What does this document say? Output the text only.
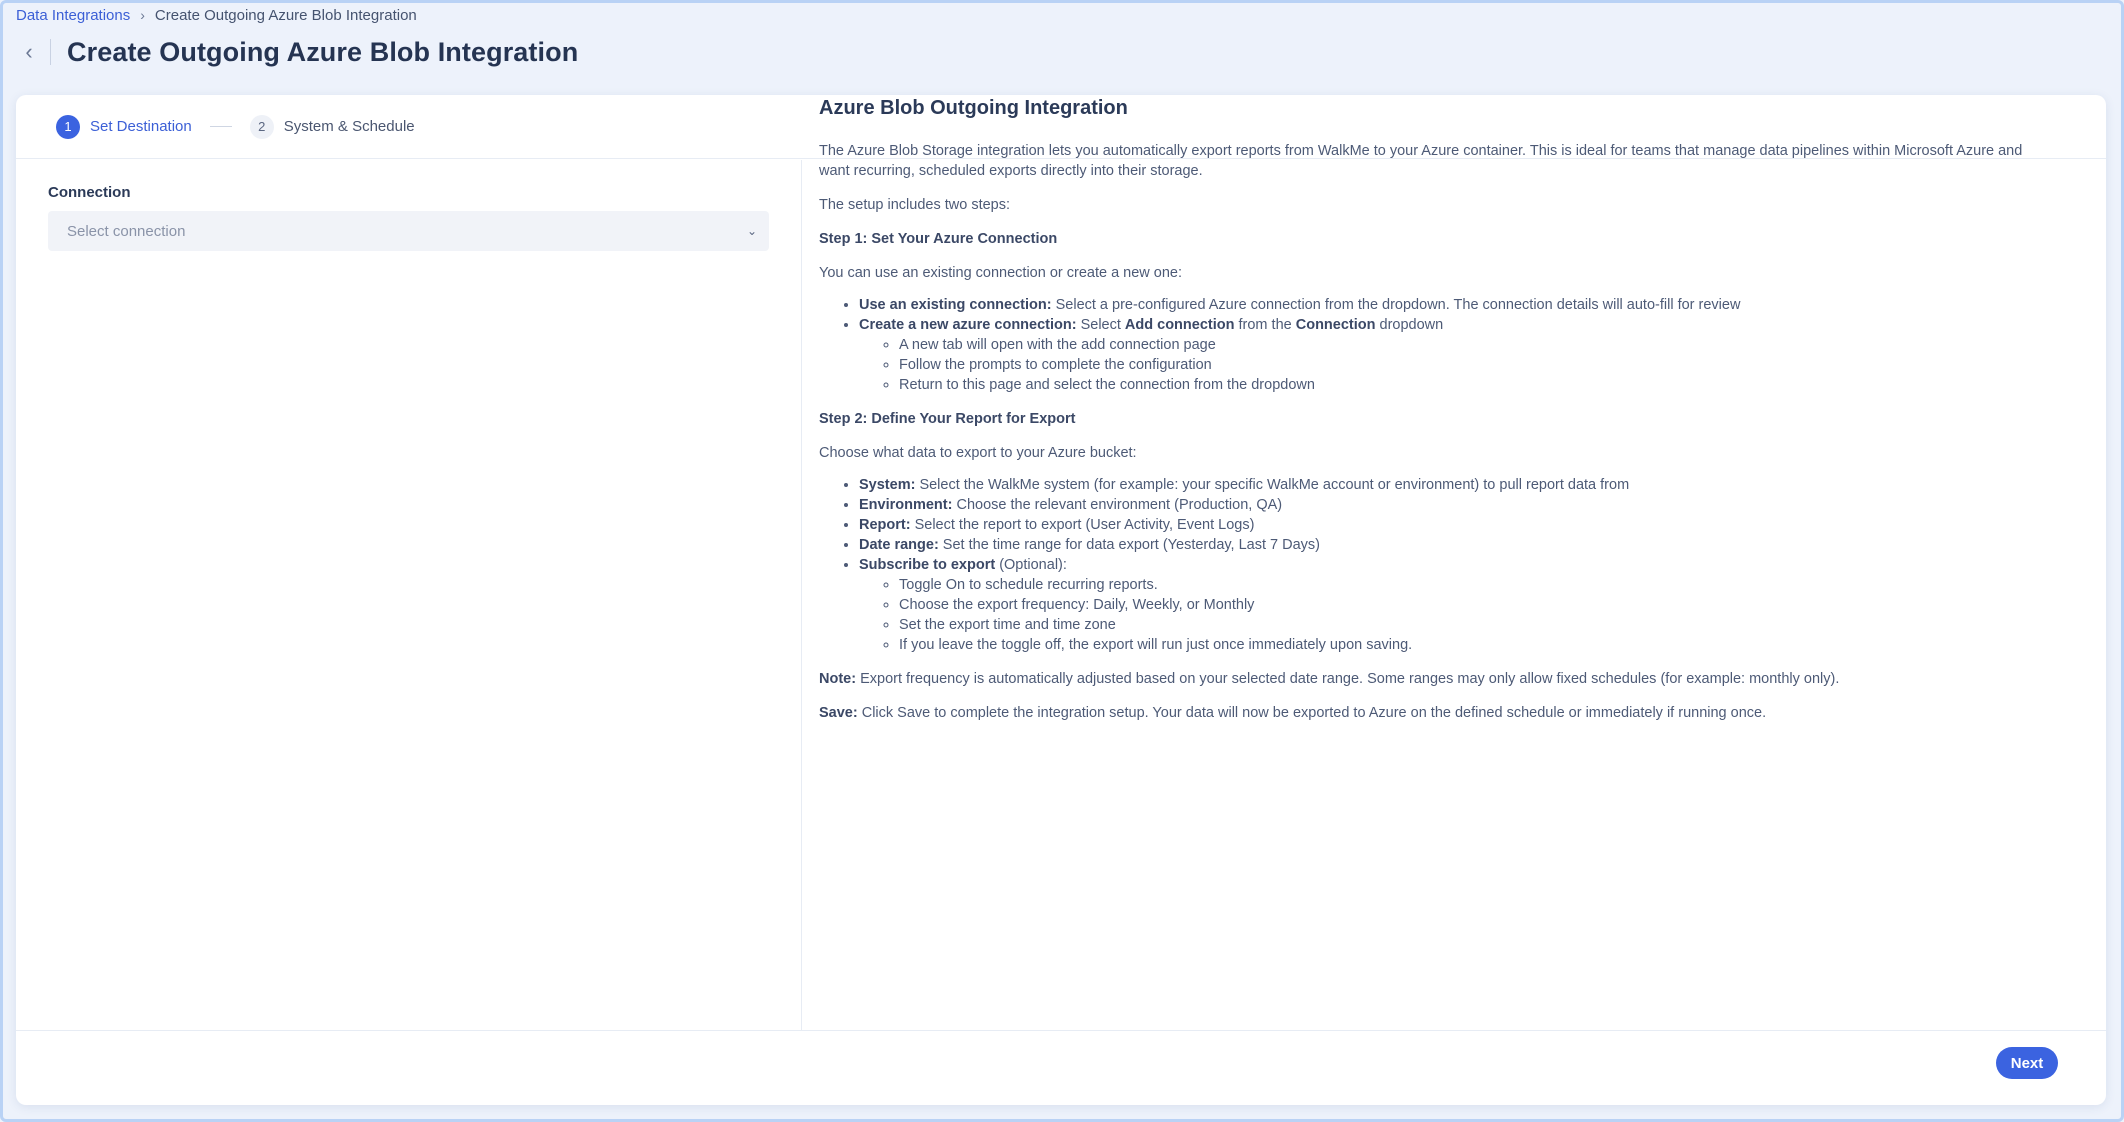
Data Integrations › Create Outgoing Azure Blob Integration
‹ Create Outgoing Azure Blob Integration
1	Set Destination	2	System & Schedule
Connection
Select connection	⌄
Next
Azure Blob Outgoing Integration

The Azure Blob Storage integration lets you automatically export reports from WalkMe to your Azure container. This is ideal for teams that manage data pipelines within Microsoft Azure and want recurring, scheduled exports directly into their storage.

The setup includes two steps:

Step 1: Set Your Azure Connection

You can use an existing connection or create a new one:

• Use an existing connection: Select a pre-configured Azure connection from the dropdown. The connection details will auto-fill for review
• Create a new azure connection: Select Add connection from the Connection dropdown
◦ A new tab will open with the add connection page
◦ Follow the prompts to complete the configuration
◦ Return to this page and select the connection from the dropdown

Step 2: Define Your Report for Export

Choose what data to export to your Azure bucket:

• System: Select the WalkMe system (for example: your specific WalkMe account or environment) to pull report data from
• Environment: Choose the relevant environment (Production, QA)
• Report: Select the report to export (User Activity, Event Logs)
• Date range: Set the time range for data export (Yesterday, Last 7 Days)
• Subscribe to export (Optional):
◦ Toggle On to schedule recurring reports.
◦ Choose the export frequency: Daily, Weekly, or Monthly
◦ Set the export time and time zone
◦ If you leave the toggle off, the export will run just once immediately upon saving.

Note: Export frequency is automatically adjusted based on your selected date range. Some ranges may only allow fixed schedules (for example: monthly only).

Save: Click Save to complete the integration setup. Your data will now be exported to Azure on the defined schedule or immediately if running once.
